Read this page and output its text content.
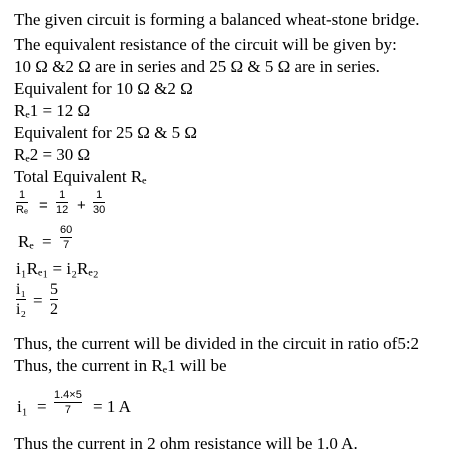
The given circuit is forming a balanced wheat-stone bridge.
The equivalent resistance of the circuit will be given by:
10 Ω &2 Ω are in series and 25 Ω & 5 Ω are in series.
Equivalent for 10 Ω &2 Ω
Rₑ1 = 12 Ω
Equivalent for 25 Ω & 5 Ω
Rₑ2 = 30 Ω
Total Equivalent Rₑ
1
Rₑ =
1
12 +
1
30
Rₑ =
60
7
i₁Rₑ₁ = i₂Rₑ₂
i₁
i₂ =
5
2
Thus, the current will be divided in the circuit in ratio of5:2
Thus, the current in Rₑ1 will be
i₁ =
1.4×5
7 = 1 A
Thus the current in 2 ohm resistance will be 1.0 A.
